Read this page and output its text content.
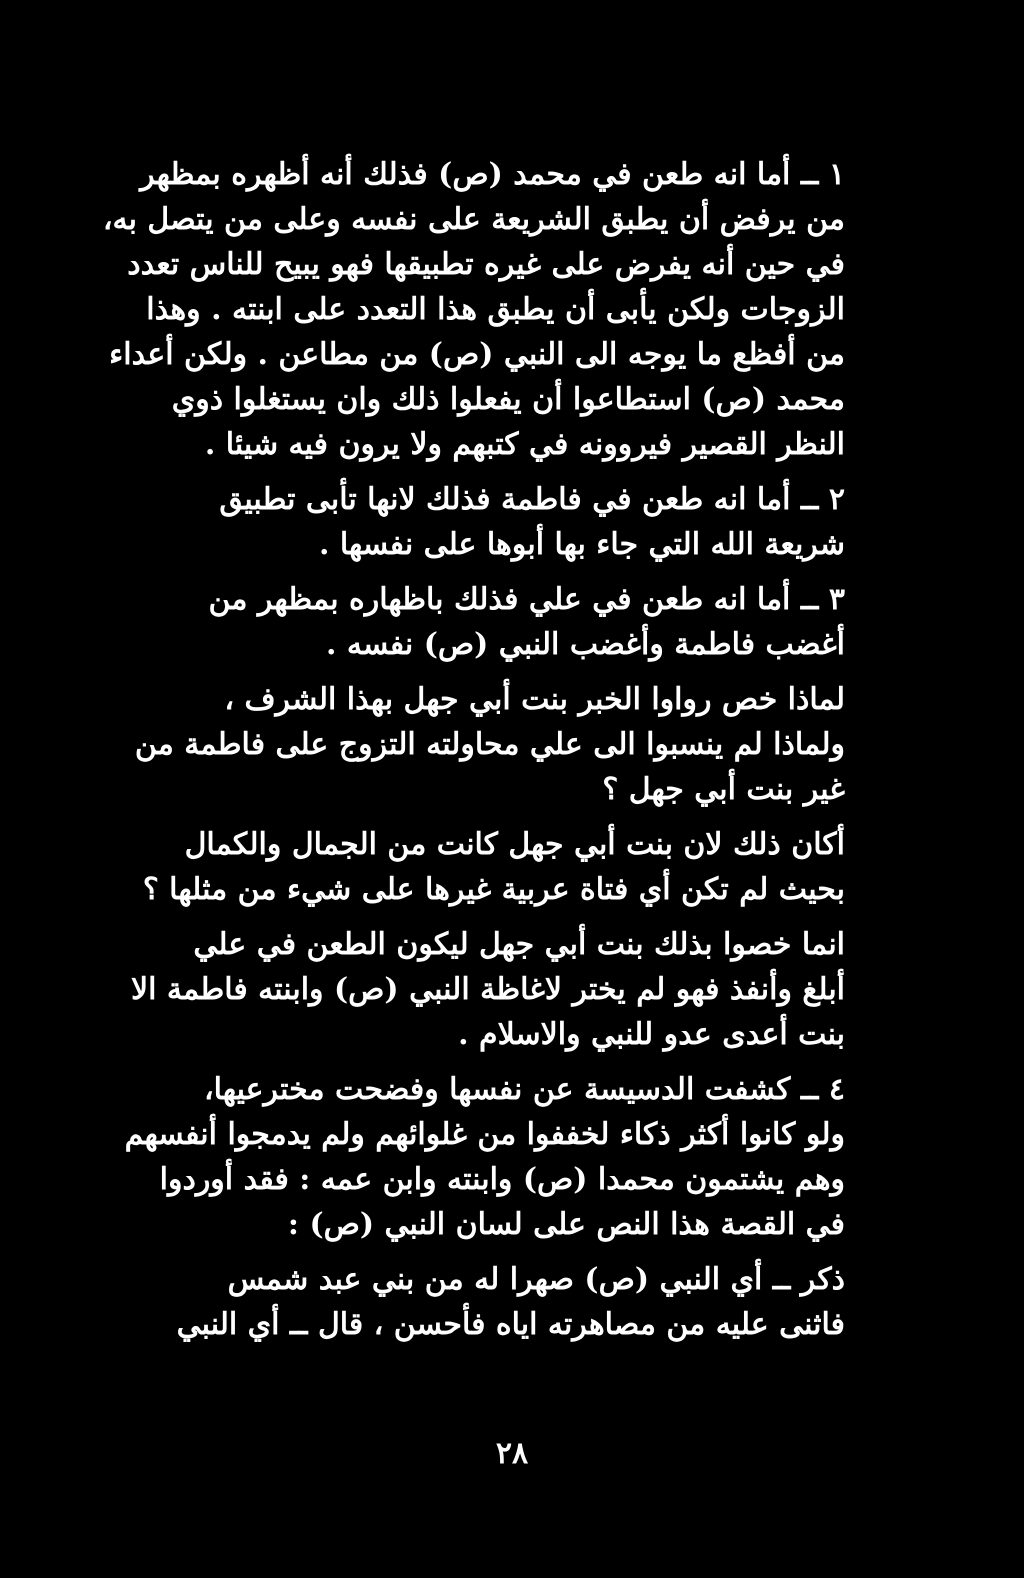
١ ــ أما انه طعن في محمد (ص) فذلك أنه أظهره بمظهر
من يرفض أن يطبق الشريعة على نفسه وعلى من يتصل به،
في حين أنه يفرض على غيره تطبيقها فهو يبيح للناس تعدد
الزوجات ولكن يأبى أن يطبق هذا التعدد على ابنته . وهذا
من أفظع ما يوجه الى النبي (ص) من مطاعن . ولكن أعداء
محمد (ص) استطاعوا أن يفعلوا ذلك وان يستغلوا ذوي
النظر القصير فيروونه في كتبهم ولا يرون فيه شيئا .
٢ ــ أما انه طعن في فاطمة فذلك لانها تأبى تطبيق
شريعة الله التي جاء بها أبوها على نفسها .
٣ ــ أما انه طعن في علي فذلك باظهاره بمظهر من
أغضب فاطمة وأغضب النبي (ص) نفسه .
لماذا خص رواوا الخبر بنت أبي جهل بهذا الشرف ،
ولماذا لم ينسبوا الى علي محاولته التزوج على فاطمة من
غير بنت أبي جهل ؟
أكان ذلك لان بنت أبي جهل كانت من الجمال والكمال
بحيث لم تكن أي فتاة عربية غيرها على شيء من مثلها ؟
انما خصوا بذلك بنت أبي جهل ليكون الطعن في علي
أبلغ وأنفذ فهو لم يختر لاغاظة النبي (ص) وابنته فاطمة الا
بنت أعدى عدو للنبي والاسلام .
٤ ــ كشفت الدسيسة عن نفسها وفضحت مخترعيها،
ولو كانوا أكثر ذكاء لخففوا من غلوائهم ولم يدمجوا أنفسهم
وهم يشتمون محمدا (ص) وابنته وابن عمه : فقد أوردوا
في القصة هذا النص على لسان النبي (ص) :
ذكر ــ أي النبي (ص) صهرا له من بني عبد شمس
فاثنى عليه من مصاهرته اياه فأحسن ، قال ــ أي النبي
٢٨
